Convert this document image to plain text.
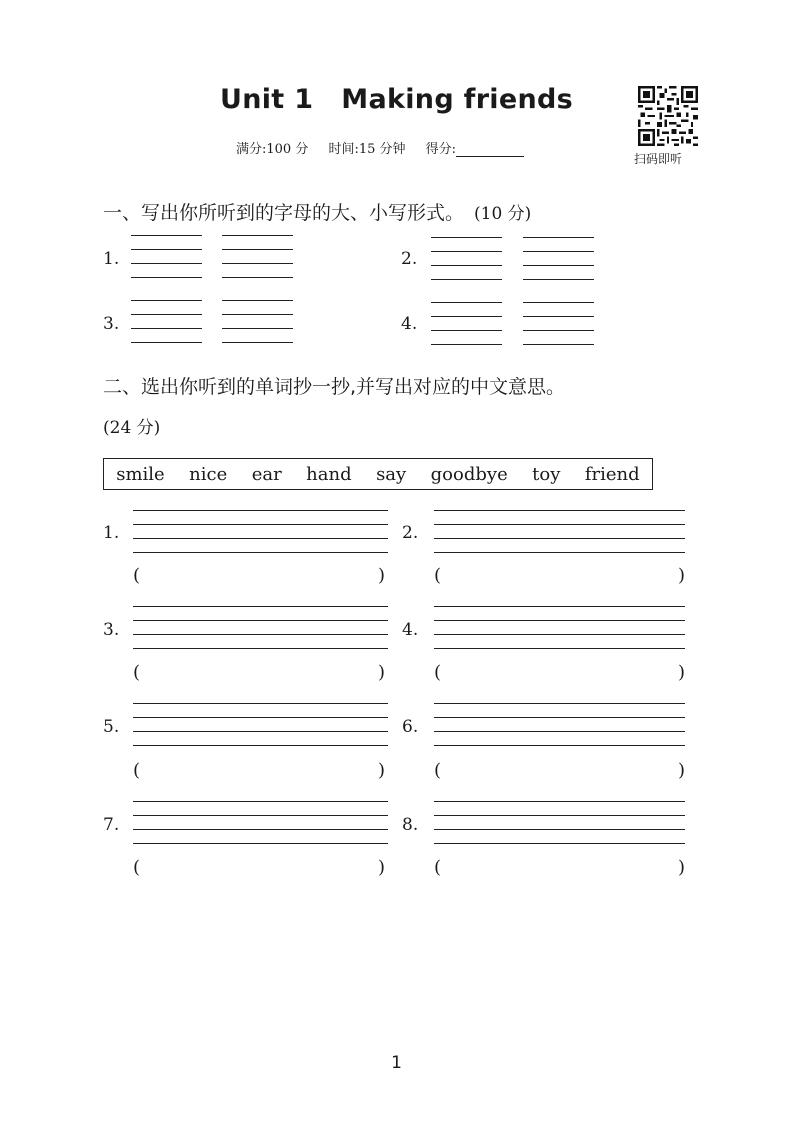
Unit 1 Making friends
满分:100 分 时间:15 分钟 得分:
扫码即听
一、写出你所听到的字母的大、小写形式。 (10 分)
1.	2.
3.	4.
二、选出你听到的单词抄一抄,并写出对应的中文意思。
(24 分)
smile nice ear hand say goodbye toy friend
1.	2.
(	)	(	)
3.	4.
(	)	(	)
5.	6.
(	)	(	)
7.	8.
(	)	(	)
1
